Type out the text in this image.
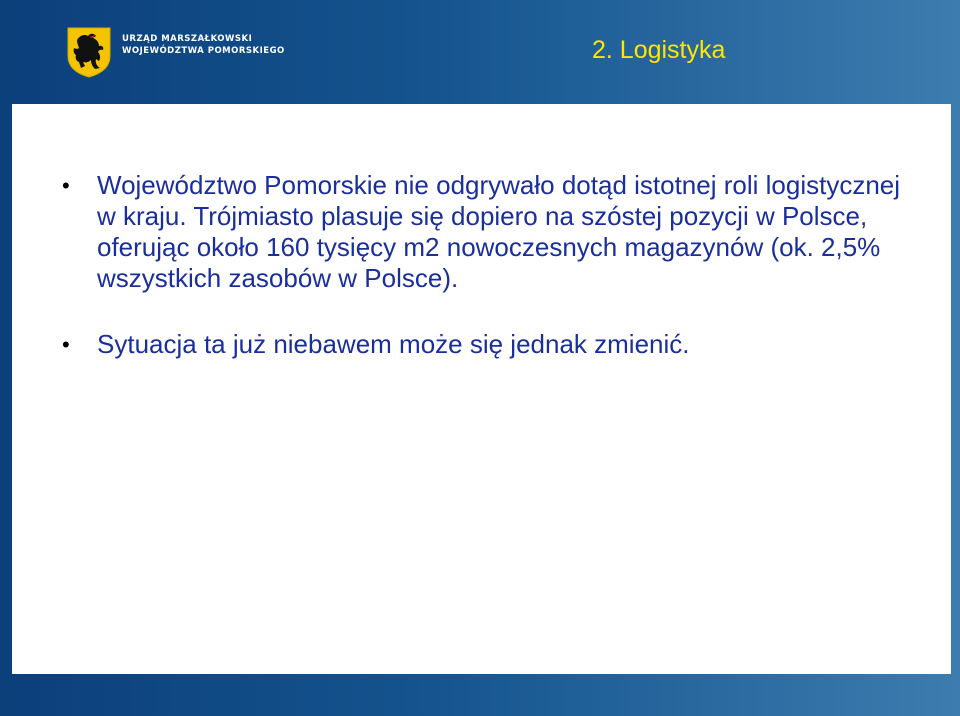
URZĄD MARSZAŁKOWSKI
WOJEWÓDZTWA POMORSKIEGO	2. Logistyka
• Województwo Pomorskie nie odgrywało dotąd istotnej roli logistycznej w kraju. Trójmiasto plasuje się dopiero na szóstej pozycji w Polsce, oferując około 160 tysięcy m2 nowoczesnych magazynów (ok. 2,5% wszystkich zasobów w Polsce).
• Sytuacja ta już niebawem może się jednak zmienić.
